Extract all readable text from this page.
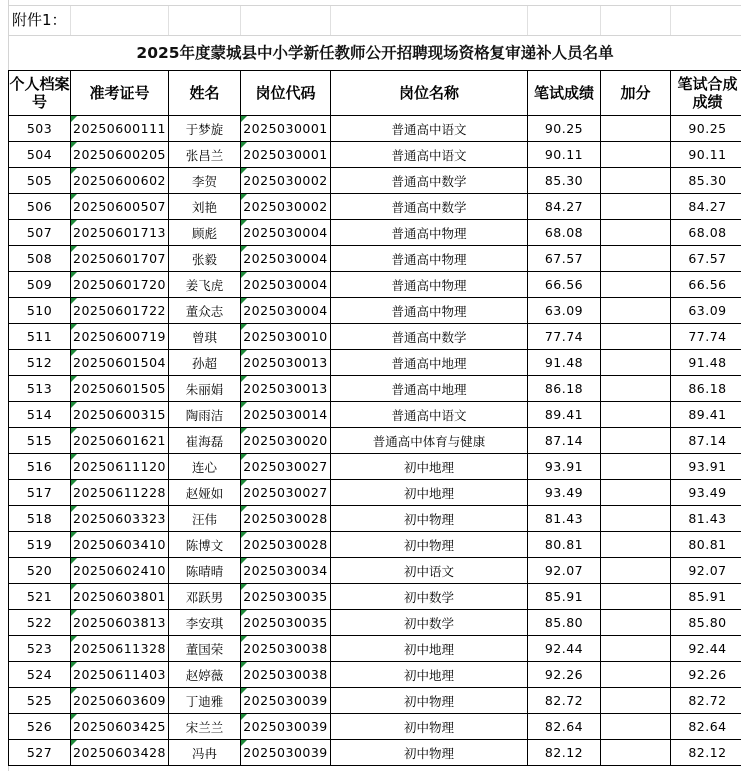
附件1：
2025年度蒙城县中小学新任教师公开招聘现场资格复审递补人员名单
个人档案号	准考证号	姓名	岗位代码	岗位名称	笔试成绩	加分	笔试合成成绩
503	20250600111	于梦旋	2025030001	普通高中语文	90.25		90.25
504	20250600205	张昌兰	2025030001	普通高中语文	90.11		90.11
505	20250600602	李贺	2025030002	普通高中数学	85.30		85.30
506	20250600507	刘艳	2025030002	普通高中数学	84.27		84.27
507	20250601713	顾彪	2025030004	普通高中物理	68.08		68.08
508	20250601707	张毅	2025030004	普通高中物理	67.57		67.57
509	20250601720	姜飞虎	2025030004	普通高中物理	66.56		66.56
510	20250601722	董众志	2025030004	普通高中物理	63.09		63.09
511	20250600719	曾琪	2025030010	普通高中数学	77.74		77.74
512	20250601504	孙超	2025030013	普通高中地理	91.48		91.48
513	20250601505	朱丽娟	2025030013	普通高中地理	86.18		86.18
514	20250600315	陶雨洁	2025030014	普通高中语文	89.41		89.41
515	20250601621	崔海磊	2025030020	普通高中体育与健康	87.14		87.14
516	20250611120	连心	2025030027	初中地理	93.91		93.91
517	20250611228	赵娅如	2025030027	初中地理	93.49		93.49
518	20250603323	汪伟	2025030028	初中物理	81.43		81.43
519	20250603410	陈博文	2025030028	初中物理	80.81		80.81
520	20250602410	陈晴晴	2025030034	初中语文	92.07		92.07
521	20250603801	邓跃男	2025030035	初中数学	85.91		85.91
522	20250603813	李安琪	2025030035	初中数学	85.80		85.80
523	20250611328	董国荣	2025030038	初中地理	92.44		92.44
524	20250611403	赵婷薇	2025030038	初中地理	92.26		92.26
525	20250603609	丁迪雅	2025030039	初中物理	82.72		82.72
526	20250603425	宋兰兰	2025030039	初中物理	82.64		82.64
527	20250603428	冯冉	2025030039	初中物理	82.12		82.12
